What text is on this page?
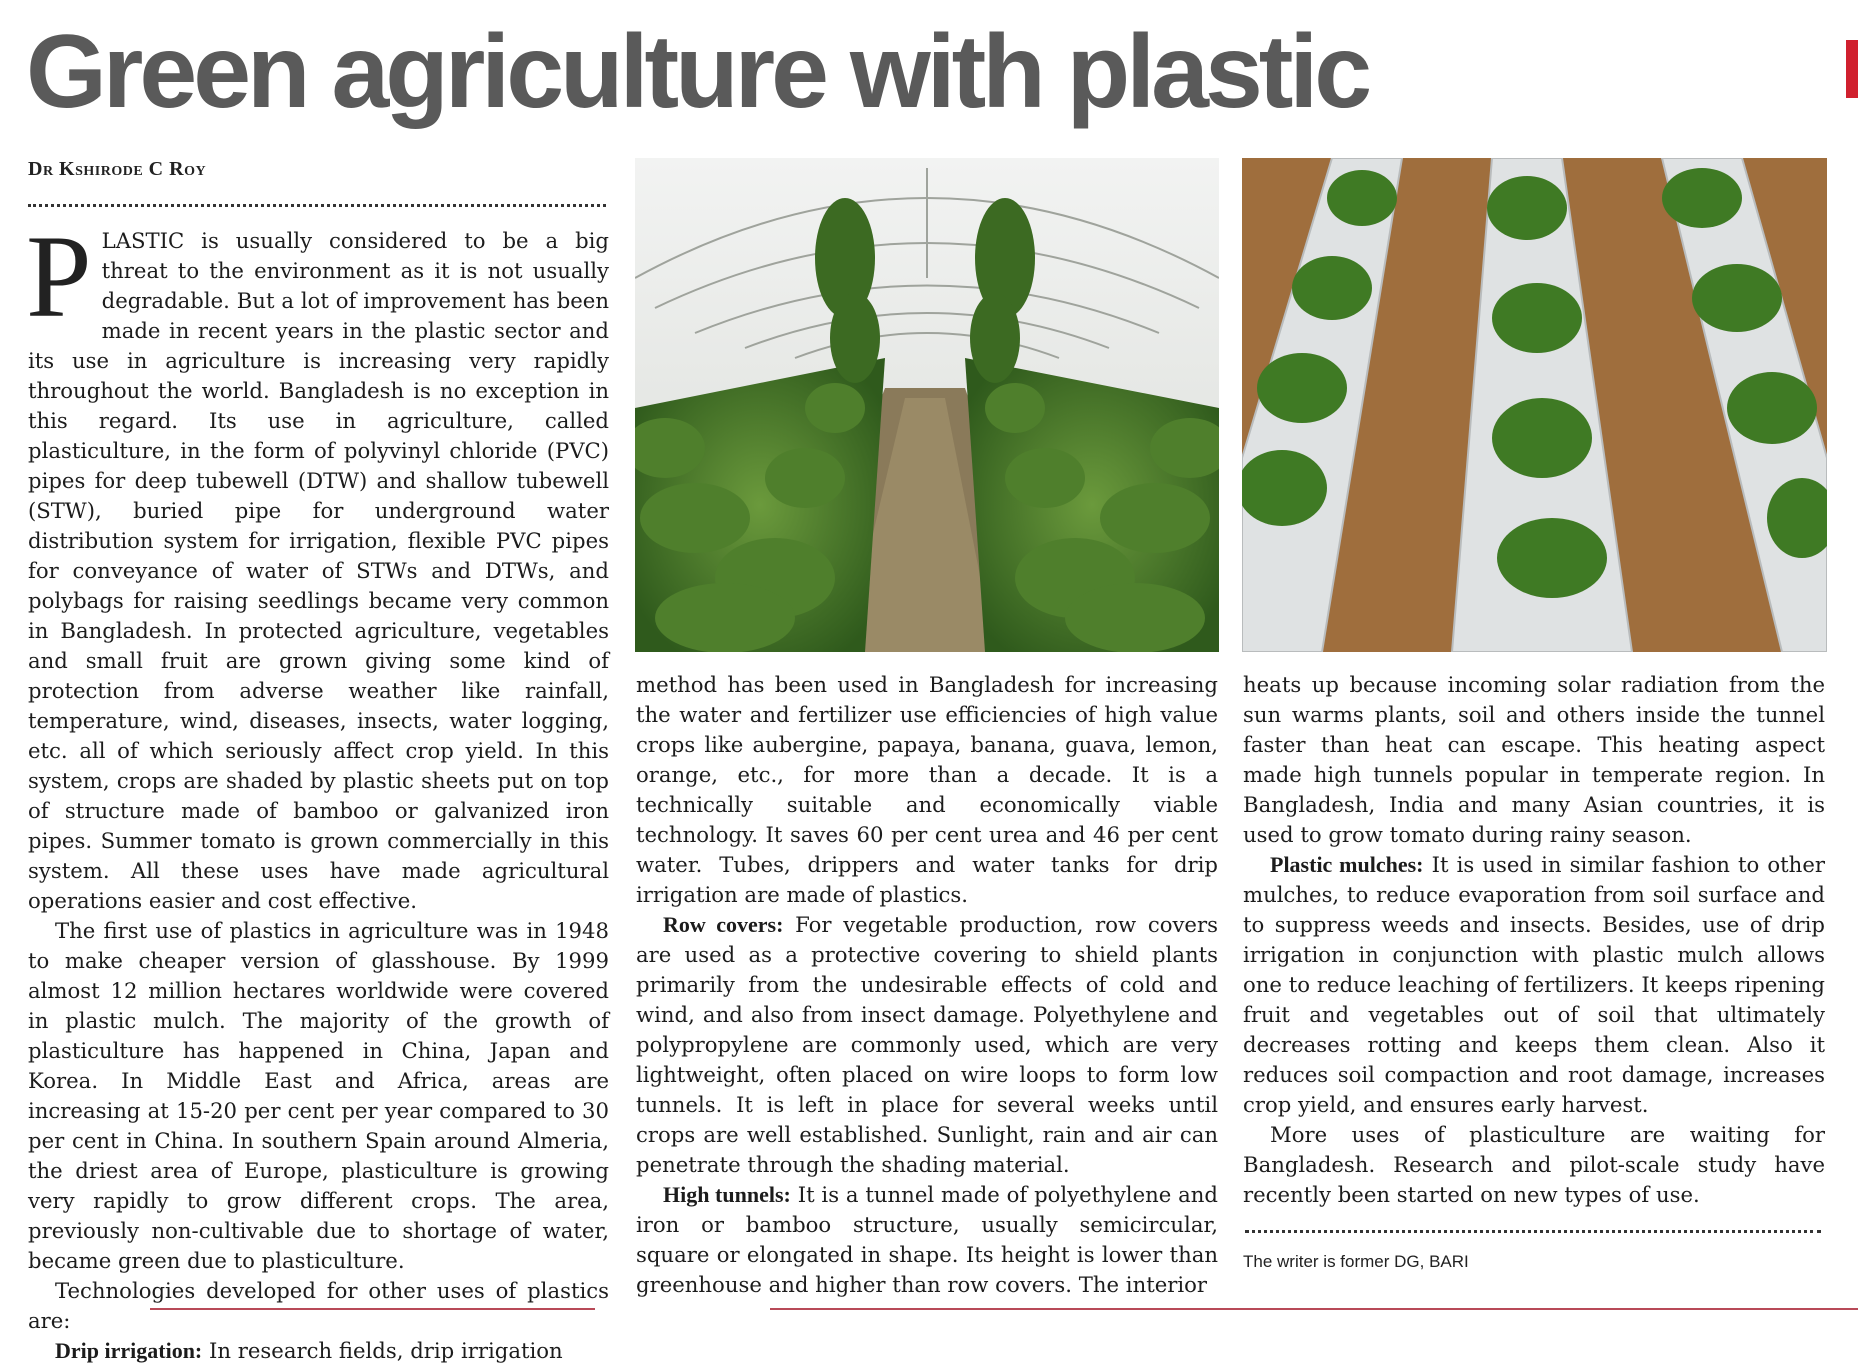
Green agriculture with plastic
Dr Kshirode C Roy

PLASTIC is usually considered to be a big threat to the environment as it is not usually degradable. But a lot of improvement has been made in recent years in the plastic sector and its use in agriculture is increasing very rapidly throughout the world. Bangladesh is no exception in this regard. Its use in agriculture, called plasticulture, in the form of polyvinyl chloride (PVC) pipes for deep tubewell (DTW) and shallow tubewell (STW), buried pipe for underground water distribution system for irrigation, flexible PVC pipes for conveyance of water of STWs and DTWs, and polybags for raising seedlings became very common in Bangladesh. In protected agriculture, vegetables and small fruit are grown giving some kind of protection from adverse weather like rainfall, temperature, wind, diseases, insects, water logging, etc. all of which seriously affect crop yield. In this system, crops are shaded by plastic sheets put on top of structure made of bamboo or galvanized iron pipes. Summer tomato is grown commercially in this system. All these uses have made agricultural operations easier and cost effective.

The first use of plastics in agriculture was in 1948 to make cheaper version of glasshouse. By 1999 almost 12 million hectares worldwide were covered in plastic mulch. The majority of the growth of plasticulture has happened in China, Japan and Korea. In Middle East and Africa, areas are increasing at 15-20 per cent per year compared to 30 per cent in China. In southern Spain around Almeria, the driest area of Europe, plasticulture is growing very rapidly to grow different crops. The area, previously non-cultivable due to shortage of water, became green due to plasticulture.

Technologies developed for other uses of plastics are:

Drip irrigation: In research fields, drip irrigation

method has been used in Bangladesh for increasing the water and fertilizer use efficiencies of high value crops like aubergine, papaya, banana, guava, lemon, orange, etc., for more than a decade. It is a technically suitable and economically viable technology. It saves 60 per cent urea and 46 per cent water. Tubes, drippers and water tanks for drip irrigation are made of plastics.

Row covers: For vegetable production, row covers are used as a protective covering to shield plants primarily from the undesirable effects of cold and wind, and also from insect damage. Polyethylene and polypropylene are commonly used, which are very lightweight, often placed on wire loops to form low tunnels. It is left in place for several weeks until crops are well established. Sunlight, rain and air can penetrate through the shading material.

High tunnels: It is a tunnel made of polyethylene and iron or bamboo structure, usually semicircular, square or elongated in shape. Its height is lower than greenhouse and higher than row covers. The interior

heats up because incoming solar radiation from the sun warms plants, soil and others inside the tunnel faster than heat can escape. This heating aspect made high tunnels popular in temperate region. In Bangladesh, India and many Asian countries, it is used to grow tomato during rainy season.

Plastic mulches: It is used in similar fashion to other mulches, to reduce evaporation from soil surface and to suppress weeds and insects. Besides, use of drip irrigation in conjunction with plastic mulch allows one to reduce leaching of fertilizers. It keeps ripening fruit and vegetables out of soil that ultimately decreases rotting and keeps them clean. Also it reduces soil compaction and root damage, increases crop yield, and ensures early harvest.

More uses of plasticulture are waiting for Bangladesh. Research and pilot-scale study have recently been started on new types of use.

The writer is former DG, BARI
